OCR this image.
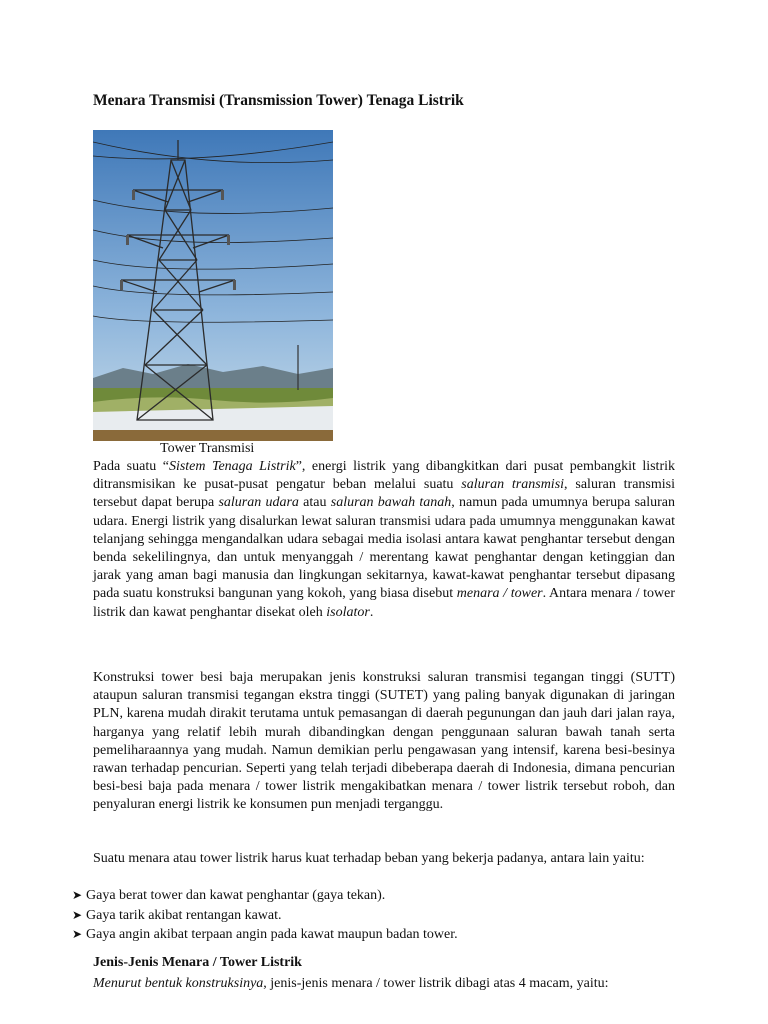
Menara Transmisi (Transmission Tower) Tenaga Listrik

Tower Transmisi

Pada suatu “Sistem Tenaga Listrik”, energi listrik yang dibangkitkan dari pusat pembangkit listrik ditransmisikan ke pusat-pusat pengatur beban melalui suatu saluran transmisi, saluran transmisi tersebut dapat berupa saluran udara atau saluran bawah tanah, namun pada umumnya berupa saluran udara. Energi listrik yang disalurkan lewat saluran transmisi udara pada umumnya menggunakan kawat telanjang sehingga mengandalkan udara sebagai media isolasi antara kawat penghantar tersebut dengan benda sekelilingnya, dan untuk menyanggah / merentang kawat penghantar dengan ketinggian dan jarak yang aman bagi manusia dan lingkungan sekitarnya, kawat-kawat penghantar tersebut dipasang pada suatu konstruksi bangunan yang kokoh, yang biasa disebut menara / tower. Antara menara / tower listrik dan kawat penghantar disekat oleh isolator.

Konstruksi tower besi baja merupakan jenis konstruksi saluran transmisi tegangan tinggi (SUTT) ataupun saluran transmisi tegangan ekstra tinggi (SUTET) yang paling banyak digunakan di jaringan PLN, karena mudah dirakit terutama untuk pemasangan di daerah pegunungan dan jauh dari jalan raya, harganya yang relatif lebih murah dibandingkan dengan penggunaan saluran bawah tanah serta pemeliharaannya yang mudah. Namun demikian perlu pengawasan yang intensif, karena besi-besinya rawan terhadap pencurian. Seperti yang telah terjadi dibeberapa daerah di Indonesia, dimana pencurian besi-besi baja pada menara / tower listrik mengakibatkan menara / tower listrik tersebut roboh, dan penyaluran energi listrik ke konsumen pun menjadi terganggu.

Suatu menara atau tower listrik harus kuat terhadap beban yang bekerja padanya, antara lain yaitu:

➤ Gaya berat tower dan kawat penghantar (gaya tekan).
➤ Gaya tarik akibat rentangan kawat.
➤ Gaya angin akibat terpaan angin pada kawat maupun badan tower.
Jenis-Jenis Menara / Tower Listrik

Menurut bentuk konstruksinya, jenis-jenis menara / tower listrik dibagi atas 4 macam, yaitu:
